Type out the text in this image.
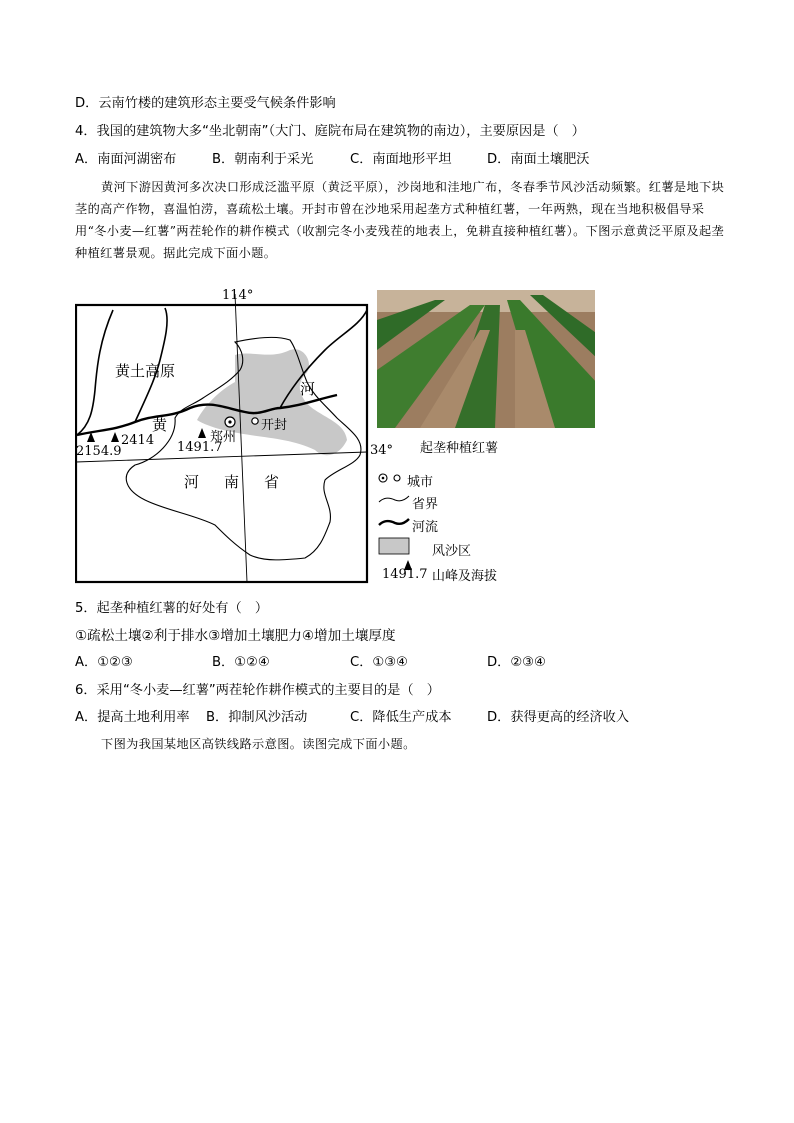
D．云南竹楼的建筑形态主要受气候条件影响
4．我国的建筑物大多“坐北朝南”（大门、庭院布局在建筑物的南边），主要原因是（　）
A．南面河湖密布	B．朝南利于采光	C．南面地形平坦	D．南面土壤肥沃
黄河下游因黄河多次决口形成泛滥平原（黄泛平原），沙岗地和洼地广布，冬春季节风沙活动频繁。红薯是地下块茎的高产作物，喜温怕涝，喜疏松土壤。开封市曾在沙地采用起垄方式种植红薯，一年两熟，现在当地积极倡导采用“冬小麦—红薯”两茬轮作的耕作模式（收割完冬小麦残茬的地表上，免耕直接种植红薯）。下图示意黄泛平原及起垄种植红薯景观。据此完成下面小题。
114°
34°
黄土高原
黄
河
河 南 省
郑州
开封
2154.9
2414 1491.7	起垄种植红薯
城市
省界
河流
风沙区
1491.7 山峰及海拔
5．起垄种植红薯的好处有（　）
①疏松土壤②利于排水③增加土壤肥力④增加土壤厚度
A．①②③	B．①②④	C．①③④	D．②③④
6．采用“冬小麦—红薯”两茬轮作耕作模式的主要目的是（　）
A．提高土地利用率 B．抑制风沙活动	C．降低生产成本	D．获得更高的经济收入
下图为我国某地区高铁线路示意图。读图完成下面小题。
